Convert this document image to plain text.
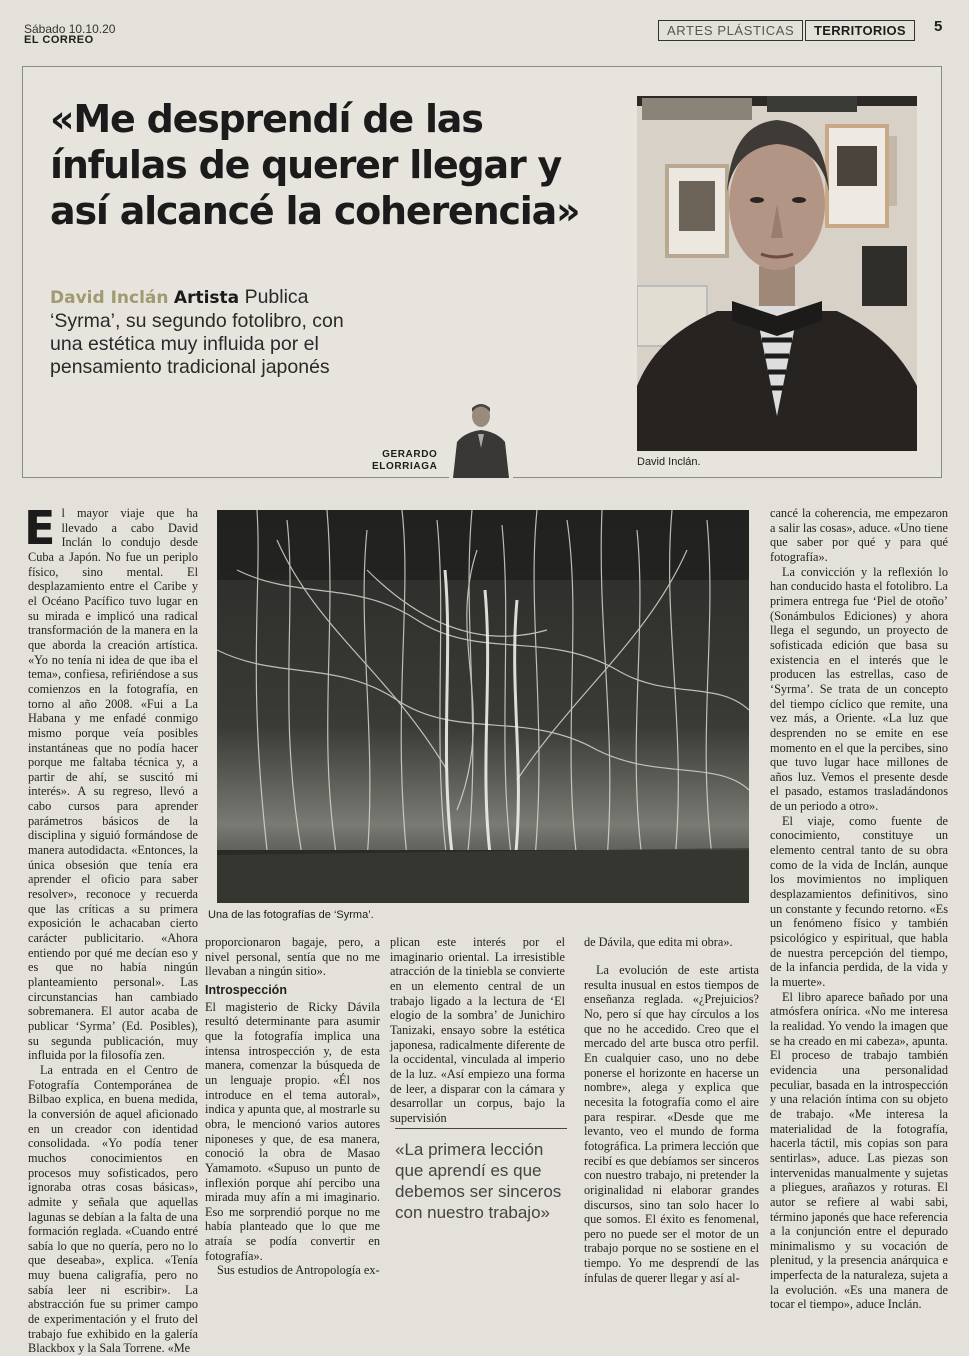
Sábado 10.10.20
EL CORREO
ARTES PLÁSTICAS	TERRITORIOS	5
«Me desprendí de las ínfulas de querer llegar y así alcancé la coherencia»
David Inclán Artista Publica ‘Syrma’, su segundo fotolibro, con una estética muy influida por el pensamiento tradicional japonés
GERARDO
ELORRIAGA	David Inclán.

El mayor viaje que ha llevado a cabo David Inclán lo condujo desde Cuba a Japón. No fue un periplo físico, sino mental. El desplazamiento entre el Caribe y el Océano Pacífico tuvo lugar en su mirada e implicó una radical transformación de la manera en la que aborda la creación artística. «Yo no tenía ni idea de que iba el tema», confiesa, refiriéndose a sus comienzos en la fotografía, en torno al año 2008. «Fui a La Habana y me enfadé conmigo mismo porque veía posibles instantáneas que no podía hacer porque me faltaba técnica y, a partir de ahí, se suscitó mi interés». A su regreso, llevó a cabo cursos para aprender parámetros básicos de la disciplina y siguió formándose de manera autodidacta. «Entonces, la única obsesión que tenía era aprender el oficio para saber resolver», reconoce y recuerda que las críticas a su primera exposición le achacaban cierto carácter publicitario. «Ahora entiendo por qué me decían eso y es que no había ningún planteamiento personal». Las circunstancias han cambiado sobremanera. El autor acaba de publicar ‘Syrma’ (Ed. Posibles), su segunda publicación, muy influida por la filosofía zen.

La entrada en el Centro de Fotografía Contemporánea de Bilbao explica, en buena medida, la conversión de aquel aficionado en un creador con identidad consolidada. «Yo podía tener muchos conocimientos en procesos muy sofisticados, pero ignoraba otras cosas básicas», admite y señala que aquellas lagunas se debían a la falta de una formación reglada. «Cuando entré sabía lo que no quería, pero no lo que deseaba», explica. «Tenía muy buena caligrafía, pero no sabía leer ni escribir». La abstracción fue su primer campo de experimentación y el fruto del trabajo fue exhibido en la galería Blackbox y la Sala Torrene. «Me

Una de las fotografías de ‘Syrma’.

proporcionaron bagaje, pero, a nivel personal, sentía que no me llevaban a ningún sitio».

Introspección

El magisterio de Ricky Dávila resultó determinante para asumir que la fotografía implica una intensa introspección y, de esta manera, comenzar la búsqueda de un lenguaje propio. «Él nos introduce en el tema autoral», indica y apunta que, al mostrarle su obra, le mencionó varios autores niponeses y que, de esa manera, conoció la obra de Masao Yamamoto. «Supuso un punto de inflexión porque ahí percibo una mirada muy afín a mi imaginario. Eso me sorprendió porque no me había planteado que lo que me atraía se podía convertir en fotografía».

Sus estudios de Antropología ex-

plican este interés por el imaginario oriental. La irresistible atracción de la tiniebla se convierte en un elemento central de un trabajo ligado a la lectura de ‘El elogio de la sombra’ de Junichiro Tanizaki, ensayo sobre la estética japonesa, radicalmente diferente de la occidental, vinculada al imperio de la luz. «Así empiezo una forma de leer, a disparar con la cámara y desarrollar un corpus, bajo la supervisión

«La primera lección que aprendí es que debemos ser sinceros con nuestro trabajo»

de Dávila, que edita mi obra».

La evolución de este artista resulta inusual en estos tiempos de enseñanza reglada. «¿Prejuicios? No, pero sí que hay círculos a los que no he accedido. Creo que el mercado del arte busca otro perfil. En cualquier caso, uno no debe ponerse el horizonte en hacerse un nombre», alega y explica que necesita la fotografía como el aire para respirar. «Desde que me levanto, veo el mundo de forma fotográfica. La primera lección que recibí es que debíamos ser sinceros con nuestro trabajo, ni pretender la originalidad ni elaborar grandes discursos, sino tan solo hacer lo que somos. El éxito es fenomenal, pero no puede ser el motor de un trabajo porque no se sostiene en el tiempo. Yo me desprendí de las ínfulas de querer llegar y así al-

cancé la coherencia, me empezaron a salir las cosas», aduce. «Uno tiene que saber por qué y para qué fotografía».

La convicción y la reflexión lo han conducido hasta el fotolibro. La primera entrega fue ‘Piel de otoño’ (Sonámbulos Ediciones) y ahora llega el segundo, un proyecto de sofisticada edición que basa su existencia en el interés que le producen las estrellas, caso de ‘Syrma’. Se trata de un concepto del tiempo cíclico que remite, una vez más, a Oriente. «La luz que desprenden no se emite en ese momento en el que la percibes, sino que tuvo lugar hace millones de años luz. Vemos el presente desde el pasado, estamos trasladándonos de un periodo a otro».

El viaje, como fuente de conocimiento, constituye un elemento central tanto de su obra como de la vida de Inclán, aunque los movimientos no impliquen desplazamientos definitivos, sino un constante y fecundo retorno. «Es un fenómeno físico y también psicológico y espiritual, que habla de nuestra percepción del tiempo, de la infancia perdida, de la vida y la muerte».

El libro aparece bañado por una atmósfera onírica. «No me interesa la realidad. Yo vendo la imagen que se ha creado en mi cabeza», apunta. El proceso de trabajo también evidencia una personalidad peculiar, basada en la introspección y una relación íntima con su objeto de trabajo. «Me interesa la materialidad de la fotografía, hacerla táctil, mis copias son para sentirlas», aduce. Las piezas son intervenidas manualmente y sujetas a pliegues, arañazos y roturas. El autor se refiere al wabi sabi, término japonés que hace referencia a la conjunción entre el depurado minimalismo y su vocación de plenitud, y la presencia anárquica e imperfecta de la naturaleza, sujeta a la evolución. «Es una manera de tocar el tiempo», aduce Inclán.
